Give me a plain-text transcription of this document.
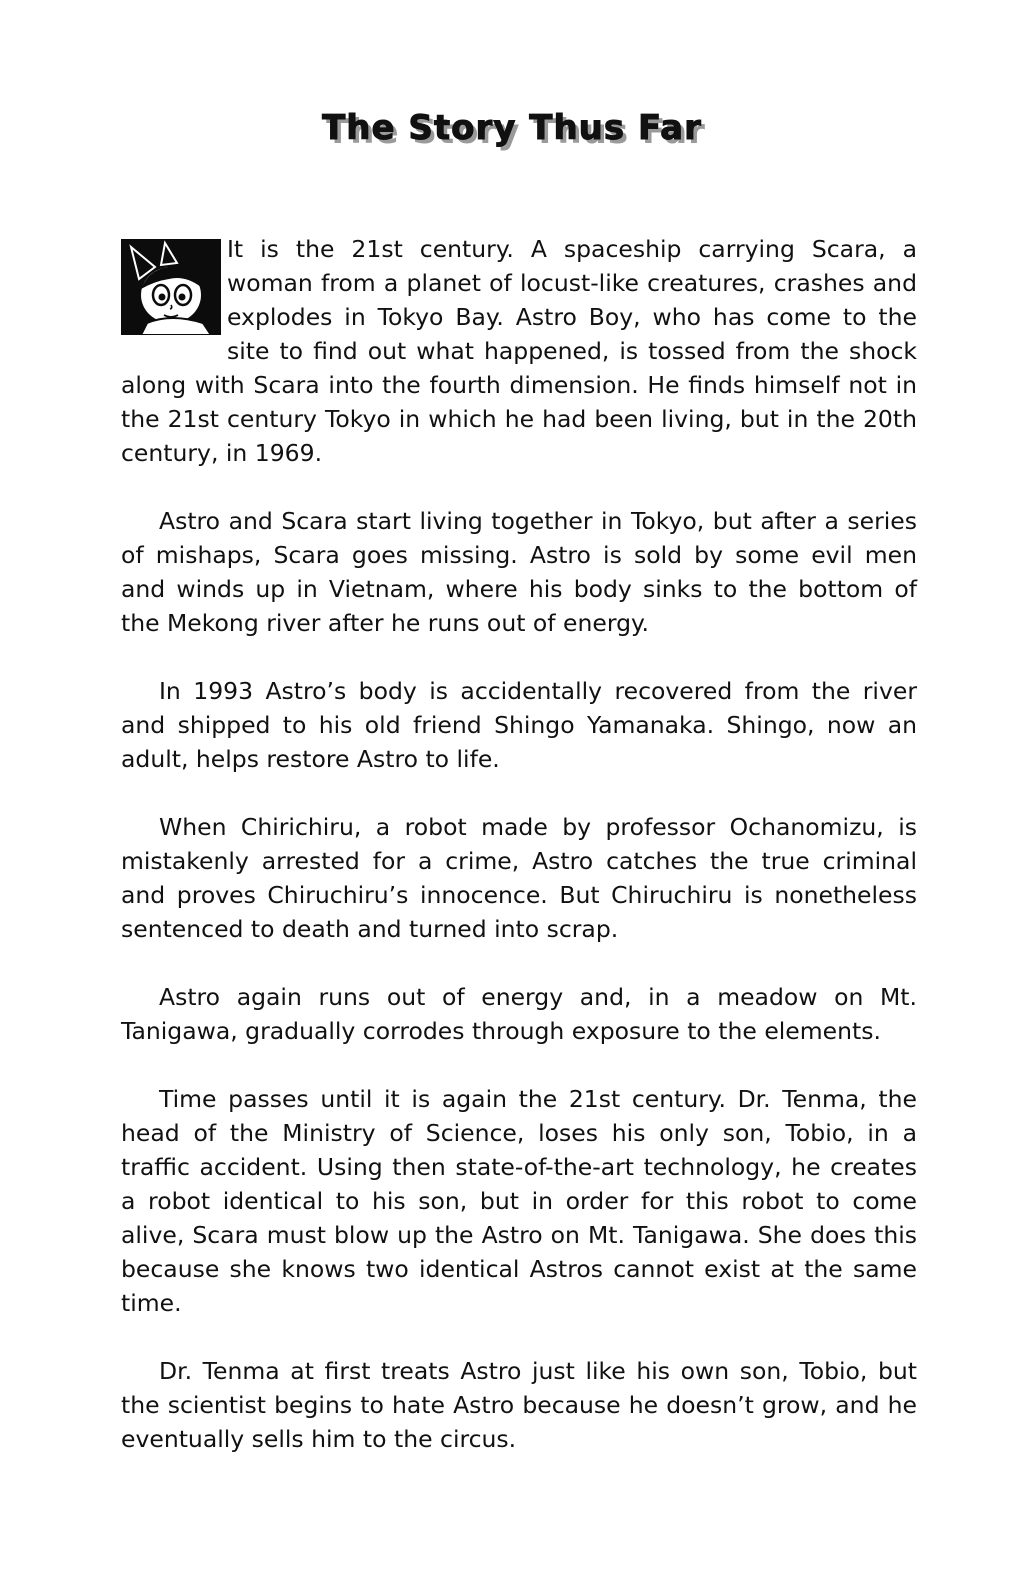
The Story Thus Far

It is the 21st century. A spaceship carrying Scara, a woman from a planet of locust-like creatures, crashes and explodes in Tokyo Bay. Astro Boy, who has come to the site to find out what happened, is tossed from the shock along with Scara into the fourth dimension. He finds himself not in the 21st century Tokyo in which he had been living, but in the 20th century, in 1969.

Astro and Scara start living together in Tokyo, but after a series of mishaps, Scara goes missing. Astro is sold by some evil men and winds up in Vietnam, where his body sinks to the bottom of the Mekong river after he runs out of energy.

In 1993 Astro’s body is accidentally recovered from the river and shipped to his old friend Shingo Yamanaka. Shingo, now an adult, helps restore Astro to life.

When Chirichiru, a robot made by professor Ochanomizu, is mistakenly arrested for a crime, Astro catches the true criminal and proves Chiruchiru’s innocence. But Chiruchiru is nonetheless sentenced to death and turned into scrap.

Astro again runs out of energy and, in a meadow on Mt. Tanigawa, gradually corrodes through exposure to the elements.

Time passes until it is again the 21st century. Dr. Tenma, the head of the Ministry of Science, loses his only son, Tobio, in a traffic accident. Using then state-of-the-art technology, he creates a robot identical to his son, but in order for this robot to come alive, Scara must blow up the Astro on Mt. Tanigawa. She does this because she knows two identical Astros cannot exist at the same time.

Dr. Tenma at first treats Astro just like his own son, Tobio, but the scientist begins to hate Astro because he doesn’t grow, and he eventually sells him to the circus.
